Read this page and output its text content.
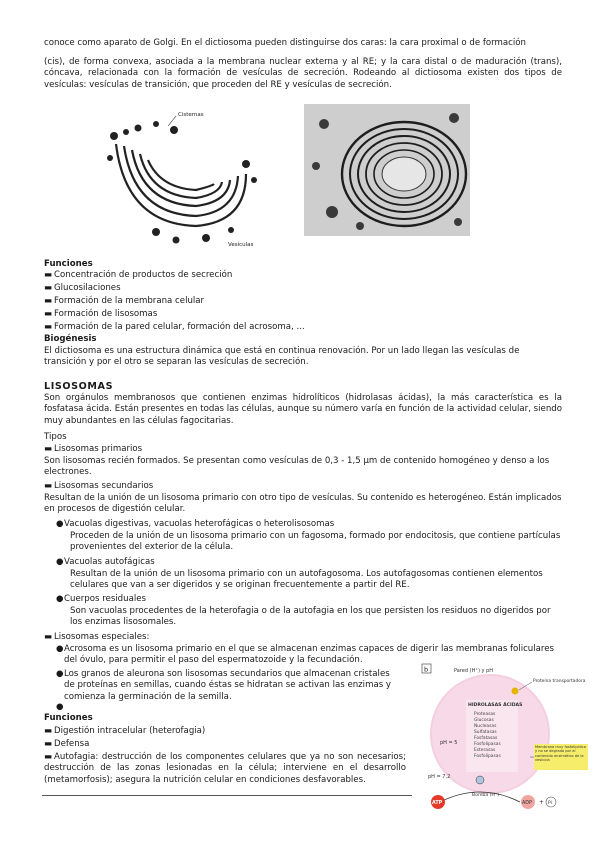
conoce como aparato de Golgi. En el dictiosoma pueden distinguirse dos caras: la cara proximal o de formación
(cis), de forma convexa, asociada a la membrana nuclear externa y al RE; y la cara distal o de maduración (trans), cóncava, relacionada con la formación de vesículas de secreción. Rodeando al dictiosoma existen dos tipos de vesículas: vesículas de transición, que proceden del RE y vesículas de secreción.
Cisternas
Vesículas
Funciones
▬ Concentración de productos de secreción
▬ Glucosilaciones
▬ Formación de la membrana celular
▬ Formación de lisosomas
▬ Formación de la pared celular, formación del acrosoma, ...
Biogénesis
El dictiosoma es una estructura dinámica que está en continua renovación. Por un lado llegan las vesículas de transición y por el otro se separan las vesículas de secreción.
LISOSOMAS
Son orgánulos membranosos que contienen enzimas hidrolíticos (hidrolasas ácidas), la más característica es la fosfatasa ácida. Están presentes en todas las células, aunque su número varía en función de la actividad celular, siendo muy abundantes en las células fagocitarias.
Tipos
▬ Lisosomas primarios
Son lisosomas recién formados. Se presentan como vesículas de 0,3 - 1,5 µm de contenido homogéneo y denso a los electrones.
▬ Lisosomas secundarios
Resultan de la unión de un lisosoma primario con otro tipo de vesículas. Su contenido es heterogéneo. Están implicados en procesos de digestión celular.
● Vacuolas digestivas, vacuolas heterofágicas o heterolisosomas
Proceden de la unión de un lisosoma primario con un fagosoma, formado por endocitosis, que contiene partículas provenientes del exterior de la célula.
● Vacuolas autofágicas
Resultan de la unión de un lisosoma primario con un autofagosoma. Los autofagosomas contienen elementos celulares que van a ser digeridos y se originan frecuentemente a partir del RE.
● Cuerpos residuales
Son vacuolas procedentes de la heterofagia o de la autofagia en los que persisten los residuos no digeridos por los enzimas lisosomales.
▬ Lisosomas especiales:
● Acrosoma es un lisosoma primario en el que se almacenan enzimas capaces de digerir las membranas foliculares del óvulo, para permitir el paso del espermatozoide y la fecundación.
● Los granos de aleurona son lisosomas secundarios que almacenan cristales de proteínas en semillas, cuando éstas se hidratan se activan las enzimas y comienza la germinación de la semilla.
●
Funciones
▬ Digestión intracelular (heterofagia)
▬ Defensa
▬ Autofagia: destrucción de los componentes celulares que ya no son necesarios; destrucción de las zonas lesionadas en la célula; interviene en el desarrollo (metamorfosis); asegura la nutrición celular en condiciones desfavorables.
b	Pared (H⁺) y pH
HIDROLASAS ÁCIDAS
Proteasas
Glucosas
Nucleasas
Sulfatasas
Fosfatasas
Fosfolipasas
Esterasas
Fosfolipasas
pH = 5
pH = 7,2
Proteína transportadora
Membrana muy fosfolipídica y no se degrada por el contenido enzimático de la vesícula
Bomba (H⁺)
ATP	ADP + Pi
